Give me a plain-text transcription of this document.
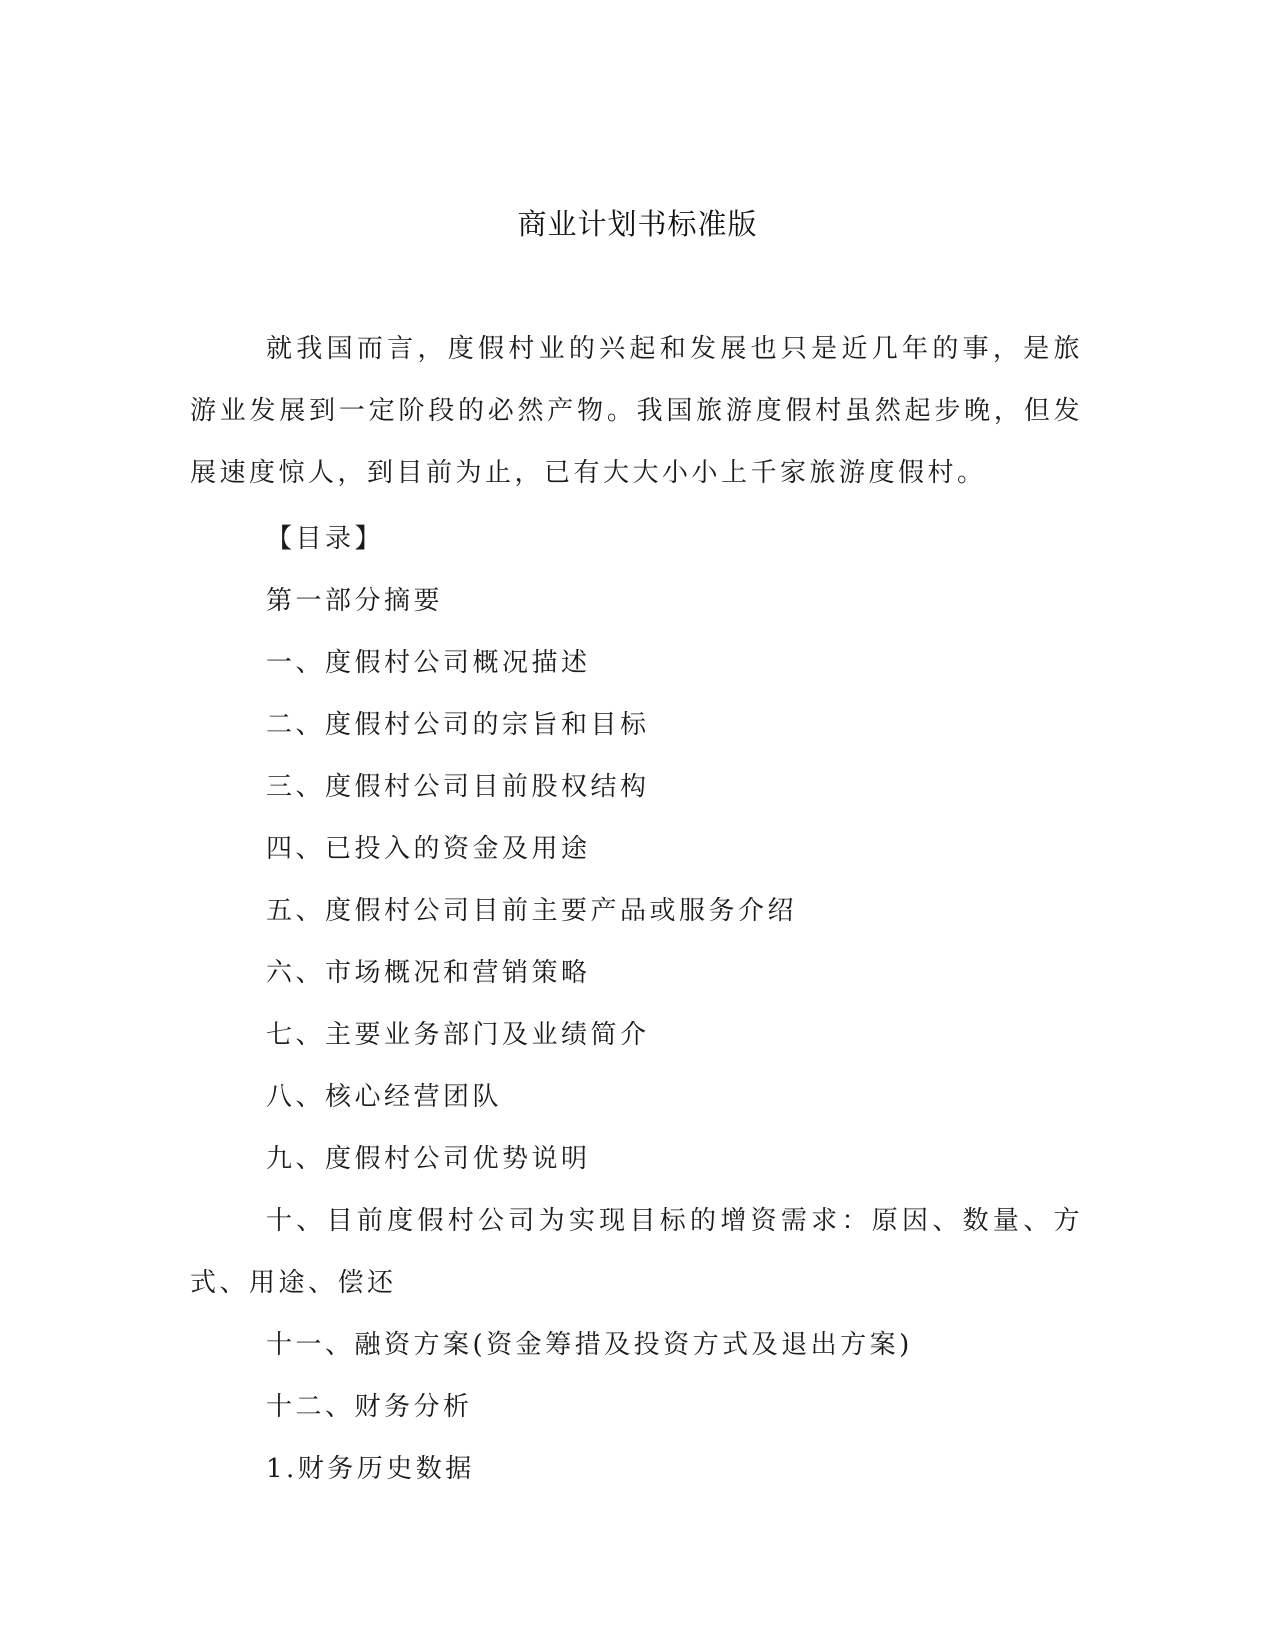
商业计划书标准版

就我国而言，度假村业的兴起和发展也只是近几年的事，是旅游业发展到一定阶段的必然产物。我国旅游度假村虽然起步晚，但发展速度惊人，到目前为止，已有大大小小上千家旅游度假村。

【目录】

第一部分摘要

一、度假村公司概况描述

二、度假村公司的宗旨和目标

三、度假村公司目前股权结构

四、已投入的资金及用途

五、度假村公司目前主要产品或服务介绍

六、市场概况和营销策略

七、主要业务部门及业绩简介

八、核心经营团队

九、度假村公司优势说明

十、目前度假村公司为实现目标的增资需求：原因、数量、方式、用途、偿还

十一、融资方案(资金筹措及投资方式及退出方案)

十二、财务分析

1.财务历史数据
